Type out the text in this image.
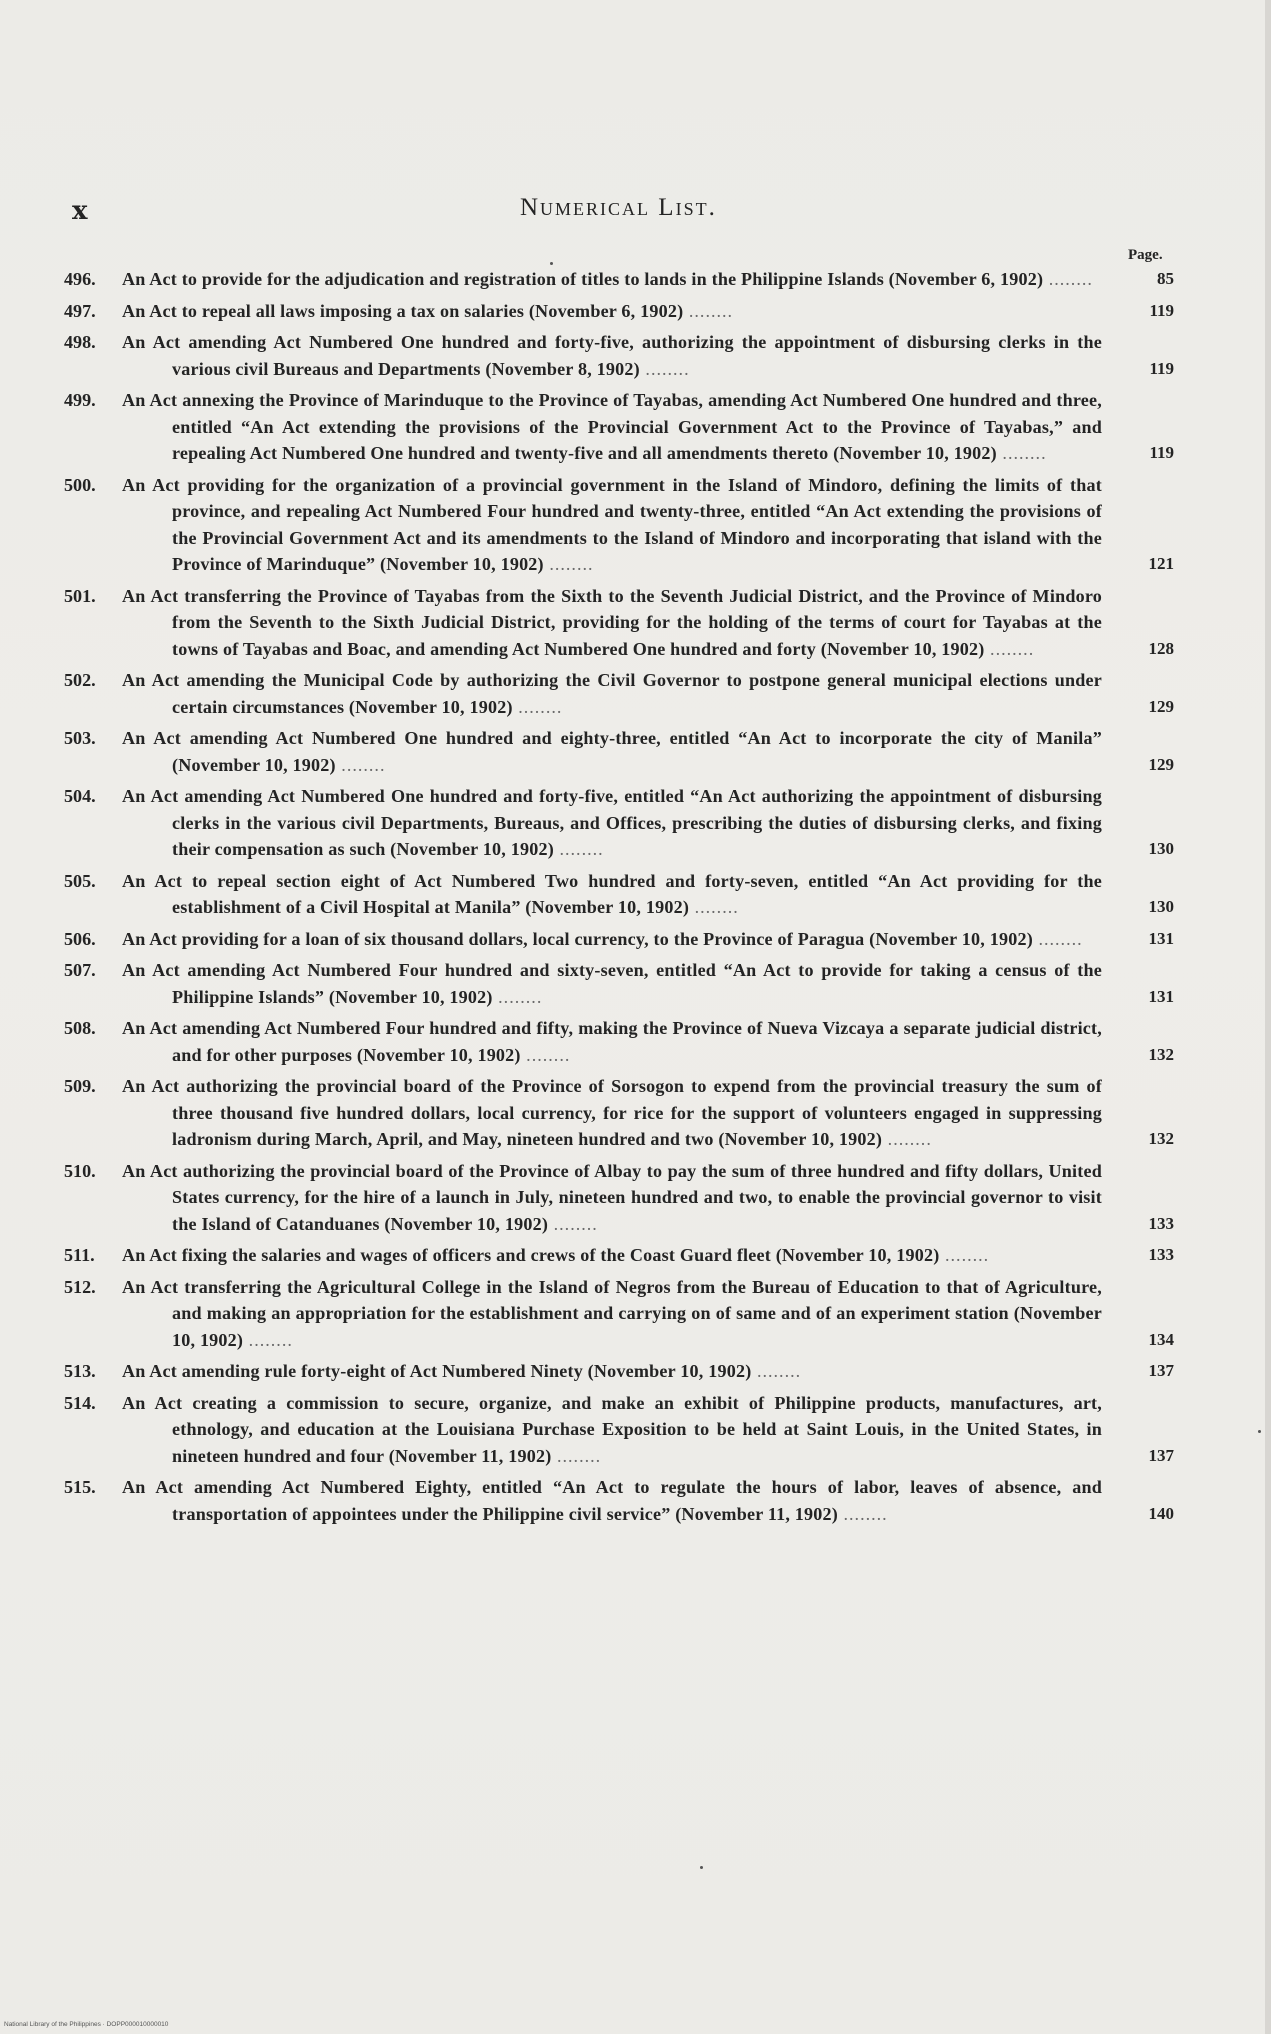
x	Numerical List.
Page.
496. An Act to provide for the adjudication and registration of titles to lands in the Philippine Islands (November 6, 1902) ........	85
497. An Act to repeal all laws imposing a tax on salaries (November 6, 1902) ........	119
498. An Act amending Act Numbered One hundred and forty-five, authorizing the appointment of disbursing clerks in the various civil Bureaus and Departments (November 8, 1902) ........	119
499. An Act annexing the Province of Marinduque to the Province of Tayabas, amending Act Numbered One hundred and three, entitled “An Act extending the provisions of the Provincial Government Act to the Province of Tayabas,” and repealing Act Numbered One hundred and twenty-five and all amendments thereto (November 10, 1902) ........	119
500. An Act providing for the organization of a provincial government in the Island of Mindoro, defining the limits of that province, and repealing Act Numbered Four hundred and twenty-three, entitled “An Act extending the provisions of the Provincial Government Act and its amendments to the Island of Mindoro and incorporating that island with the Province of Marinduque” (November 10, 1902) ........	121
501. An Act transferring the Province of Tayabas from the Sixth to the Seventh Judicial District, and the Province of Mindoro from the Seventh to the Sixth Judicial District, providing for the holding of the terms of court for Tayabas at the towns of Tayabas and Boac, and amending Act Numbered One hundred and forty (November 10, 1902) ........	128
502. An Act amending the Municipal Code by authorizing the Civil Governor to postpone general municipal elections under certain circumstances (November 10, 1902) ........	129
503. An Act amending Act Numbered One hundred and eighty-three, entitled “An Act to incorporate the city of Manila” (November 10, 1902) ........	129
504. An Act amending Act Numbered One hundred and forty-five, entitled “An Act authorizing the appointment of disbursing clerks in the various civil Departments, Bureaus, and Offices, prescribing the duties of disbursing clerks, and fixing their compensation as such (November 10, 1902) ........	130
505. An Act to repeal section eight of Act Numbered Two hundred and forty-seven, entitled “An Act providing for the establishment of a Civil Hospital at Manila” (November 10, 1902) ........	130
506. An Act providing for a loan of six thousand dollars, local currency, to the Province of Paragua (November 10, 1902) ........	131
507. An Act amending Act Numbered Four hundred and sixty-seven, entitled “An Act to provide for taking a census of the Philippine Islands” (November 10, 1902) ........	131
508. An Act amending Act Numbered Four hundred and fifty, making the Province of Nueva Vizcaya a separate judicial district, and for other purposes (November 10, 1902) ........	132
509. An Act authorizing the provincial board of the Province of Sorsogon to expend from the provincial treasury the sum of three thousand five hundred dollars, local currency, for rice for the support of volunteers engaged in suppressing ladronism during March, April, and May, nineteen hundred and two (November 10, 1902) ........	132
510. An Act authorizing the provincial board of the Province of Albay to pay the sum of three hundred and fifty dollars, United States currency, for the hire of a launch in July, nineteen hundred and two, to enable the provincial governor to visit the Island of Catanduanes (November 10, 1902) ........	133
511. An Act fixing the salaries and wages of officers and crews of the Coast Guard fleet (November 10, 1902) ........	133
512. An Act transferring the Agricultural College in the Island of Negros from the Bureau of Education to that of Agriculture, and making an appropriation for the establishment and carrying on of same and of an experiment station (November 10, 1902) ........	134
513. An Act amending rule forty-eight of Act Numbered Ninety (November 10, 1902) ........	137
514. An Act creating a commission to secure, organize, and make an exhibit of Philippine products, manufactures, art, ethnology, and education at the Louisiana Purchase Exposition to be held at Saint Louis, in the United States, in nineteen hundred and four (November 11, 1902) ........	137
515. An Act amending Act Numbered Eighty, entitled “An Act to regulate the hours of labor, leaves of absence, and transportation of appointees under the Philippine civil service” (November 11, 1902) ........	140
National Library of the Philippines · DOPP000010000010
